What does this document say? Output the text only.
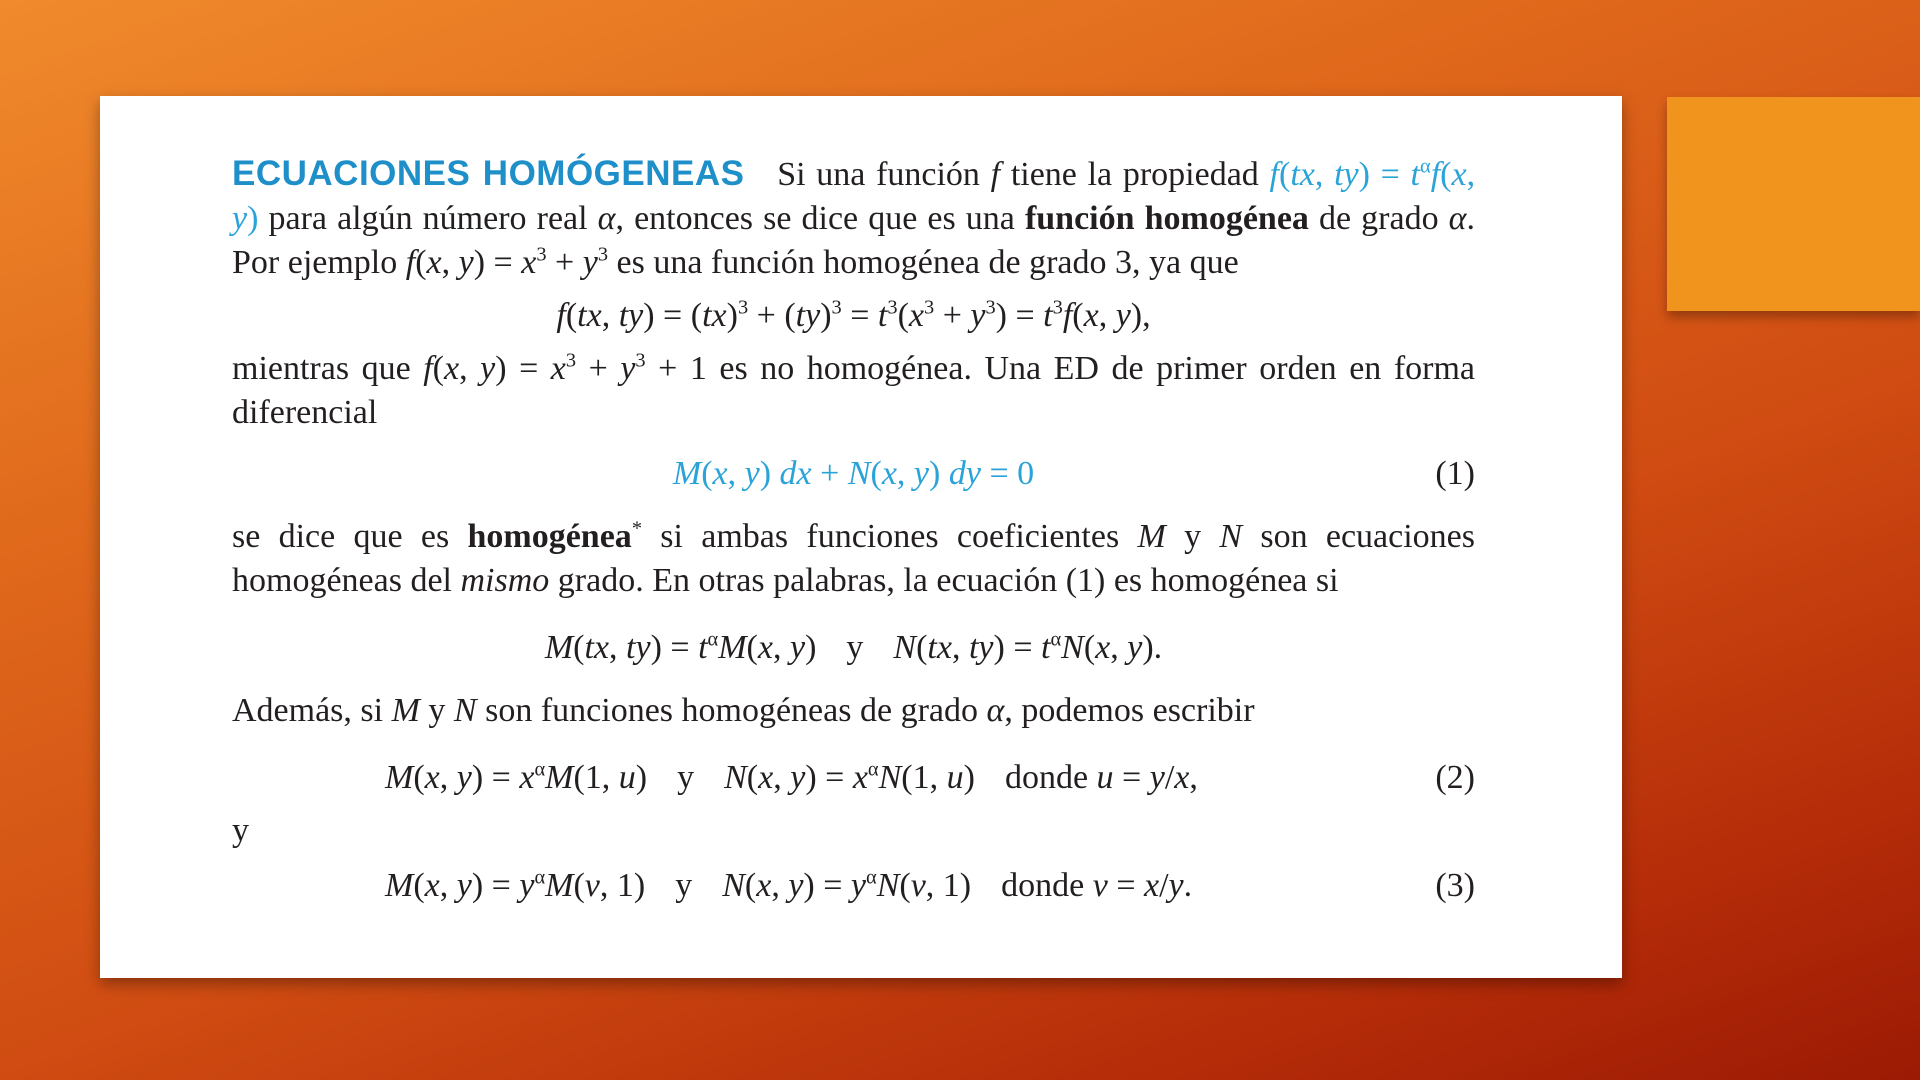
ECUACIONES HOMÓGENEAS Si una función f tiene la propiedad f(tx, $ty) = t^\alpha f(x$, y) para algún número real α, entonces se dice que es una función homogénea de grado α. Por ejemplo f(x, $y) = x^3 + y^3$ es una función homogénea de grado 3, ya que
f(tx, $ty) = (tx)^3 + (ty)^3 = t^3(x^3 + y^3) = t^3f(x$, y),
mientras que f(x, $y) = x^3 + y^3 + 1$ es no homogénea. Una ED de primer orden en forma diferencial
M(x, y) dx + N(x, y) dy = 0	(1)
se dice que es homogénea* si ambas funciones coeficientes M y N son ecuaciones homogéneas del mismo grado. En otras palabras, la ecuación (1) es homogénea si
M(tx, $ty) = t^\alpha M(x$, y) y N(tx, $ty) = t^\alpha N(x$, y).
Además, si M y N son funciones homogéneas de grado α, podemos escribir
M(x, $y) = x^\alpha M(1$, u) y N(x, $y) = x^\alpha N(1$, u) donde u = y/x,	(2)
y
M(x, $y) = y^\alpha M(v$, 1) y N(x, $y) = y^\alpha N(v$, 1) donde v = x/y.	(3)
